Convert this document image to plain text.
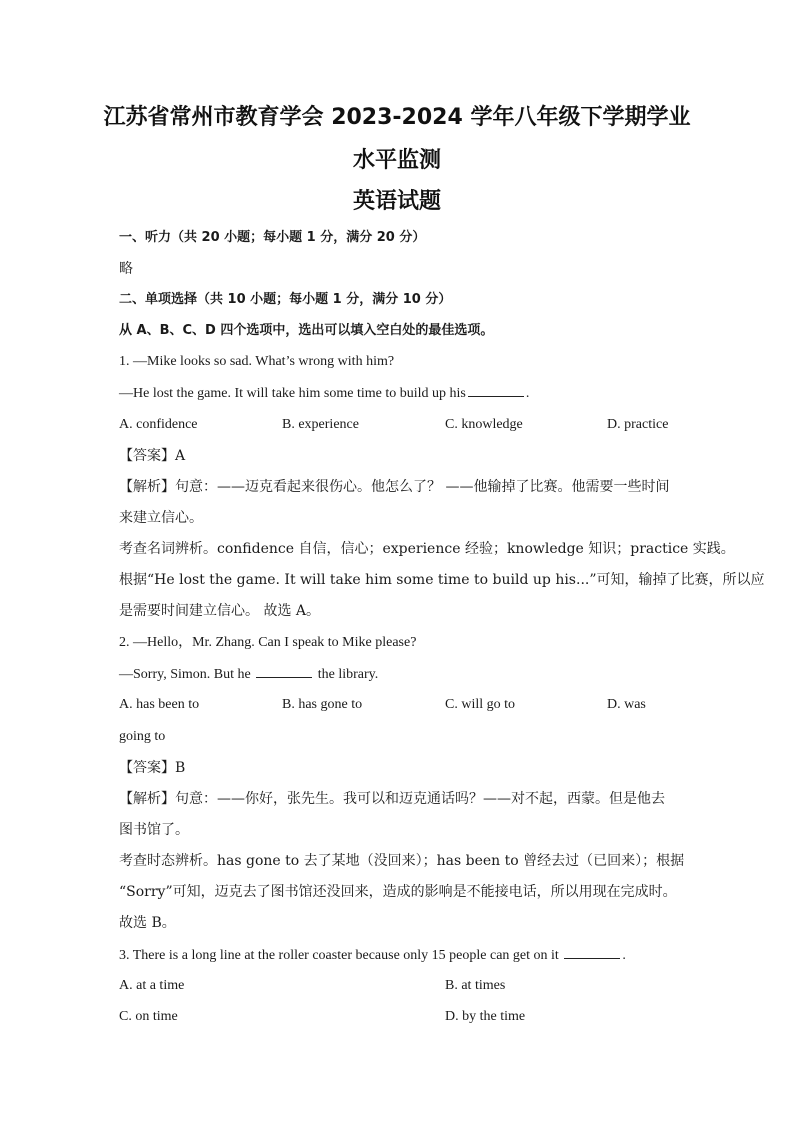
江苏省常州市教育学会 2023-2024 学年八年级下学期学业
水平监测
英语试题
一、听力（共 20 小题；每小题 1 分，满分 20 分）
略
二、单项选择（共 10 小题；每小题 1 分，满分 10 分）
从 A、B、C、D 四个选项中，选出可以填入空白处的最佳选项。
1. —Mike looks so sad. What’s wrong with him?
—He lost the game. It will take him some time to build up his	.
A. confidence	B. experience	C. knowledge	D. practice
【答案】A
【解析】句意：——迈克看起来很伤心。他怎么了？ ——他输掉了比赛。他需要一些时间
来建立信心。
考查名词辨析。confidence 自信，信心；experience 经验；knowledge 知识；practice 实践。
根据“He lost the game. It will take him some time to build up his...”可知，输掉了比赛，所以应
是需要时间建立信心。 故选 A。
2. —Hello，Mr. Zhang. Can I speak to Mike please?
—Sorry, Simon. But he	the library.
A. has been to	B. has gone to	C. will go to	D. was
going to
【答案】B
【解析】句意：——你好，张先生。我可以和迈克通话吗？——对不起，西蒙。但是他去
图书馆了。
考查时态辨析。has gone to 去了某地（没回来）；has been to 曾经去过（已回来）；根据
“Sorry”可知，迈克去了图书馆还没回来，造成的影响是不能接电话，所以用现在完成时。
故选 B。
3. There is a long line at the roller coaster because only 15 people can get on it	.
A. at a time	B. at times
C. on time	D. by the time
